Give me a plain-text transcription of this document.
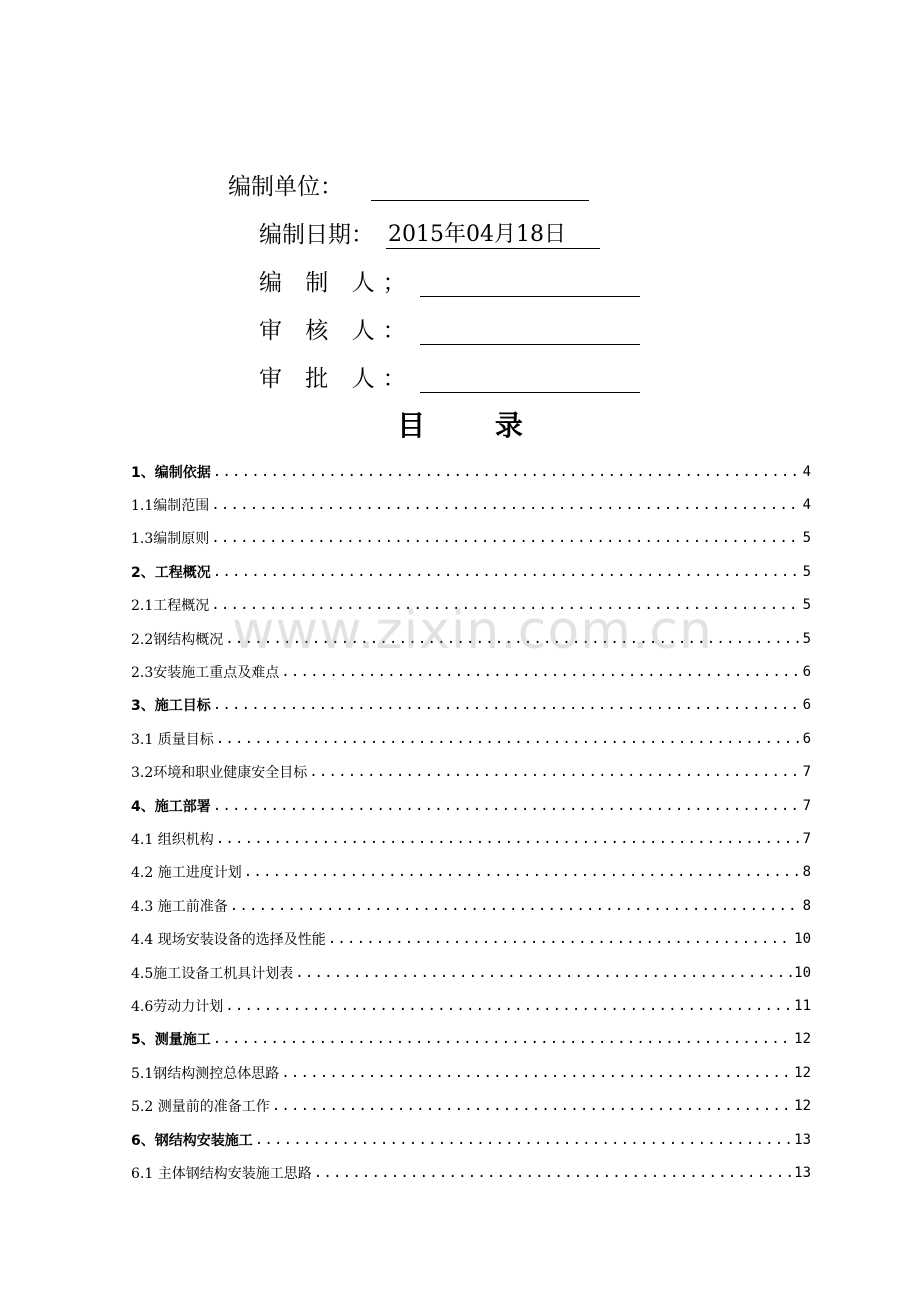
编制单位：
编制日期： 2015年04月18日
编 制 人；
审 核 人：
审 批 人：
目 录
1、编制依据 .....	4
1.1编制范围 .....	4
1.3编制原则 .....	5
2、工程概况 .....	5
2.1工程概况 .....	5
2.2钢结构概况 .....	5
2.3安装施工重点及难点 .....	6
3、施工目标 .....	6
3.1 质量目标 .....	6
3.2环境和职业健康安全目标 .....	7
4、施工部署 .....	7
4.1 组织机构 .....	7
4.2 施工进度计划 .....	8
4.3 施工前准备 .....	8
4.4 现场安装设备的选择及性能 .....	10
4.5施工设备工机具计划表 .....	10
4.6劳动力计划 .....	11
5、测量施工 .....	12
5.1钢结构测控总体思路 .....	12
5.2 测量前的准备工作 .....	12
6、钢结构安装施工 .....	13
6.1 主体钢结构安装施工思路 .....	13
www.zixin.com.cn
